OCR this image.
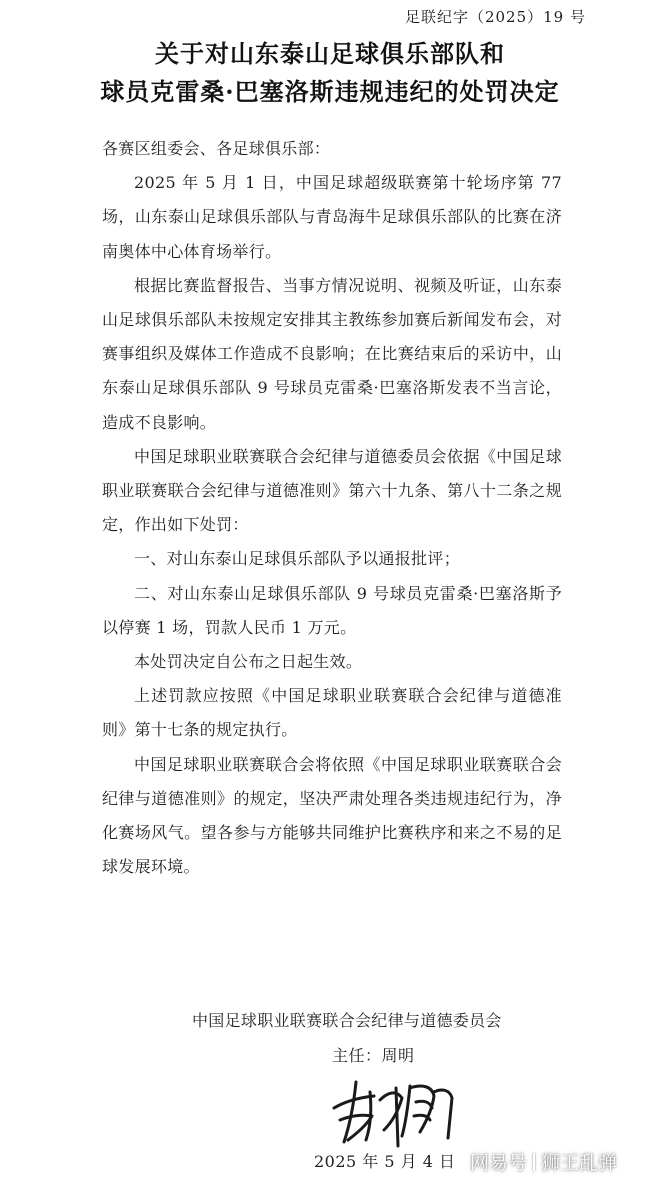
足联纪字（2025）19 号
关于对山东泰山足球俱乐部队和
球员克雷桑·巴塞洛斯违规违纪的处罚决定

各赛区组委会、各足球俱乐部：

2025 年 5 月 1 日，中国足球超级联赛第十轮场序第 77 场，山东泰山足球俱乐部队与青岛海牛足球俱乐部队的比赛在济南奥体中心体育场举行。

根据比赛监督报告、当事方情况说明、视频及听证，山东泰山足球俱乐部队未按规定安排其主教练参加赛后新闻发布会，对赛事组织及媒体工作造成不良影响；在比赛结束后的采访中，山东泰山足球俱乐部队 9 号球员克雷桑·巴塞洛斯发表不当言论，造成不良影响。

中国足球职业联赛联合会纪律与道德委员会依据《中国足球职业联赛联合会纪律与道德准则》第六十九条、第八十二条之规定，作出如下处罚：

一、对山东泰山足球俱乐部队予以通报批评；

二、对山东泰山足球俱乐部队 9 号球员克雷桑·巴塞洛斯予以停赛 1 场，罚款人民币 1 万元。

本处罚决定自公布之日起生效。

上述罚款应按照《中国足球职业联赛联合会纪律与道德准则》第十七条的规定执行。

中国足球职业联赛联合会将依照《中国足球职业联赛联合会纪律与道德准则》的规定，坚决严肃处理各类违规违纪行为，净化赛场风气。望各参与方能够共同维护比赛秩序和来之不易的足球发展环境。

中国足球职业联赛联合会纪律与道德委员会
主任：周明
2025 年 5 月 4 日 网易号 狮王乱弹
